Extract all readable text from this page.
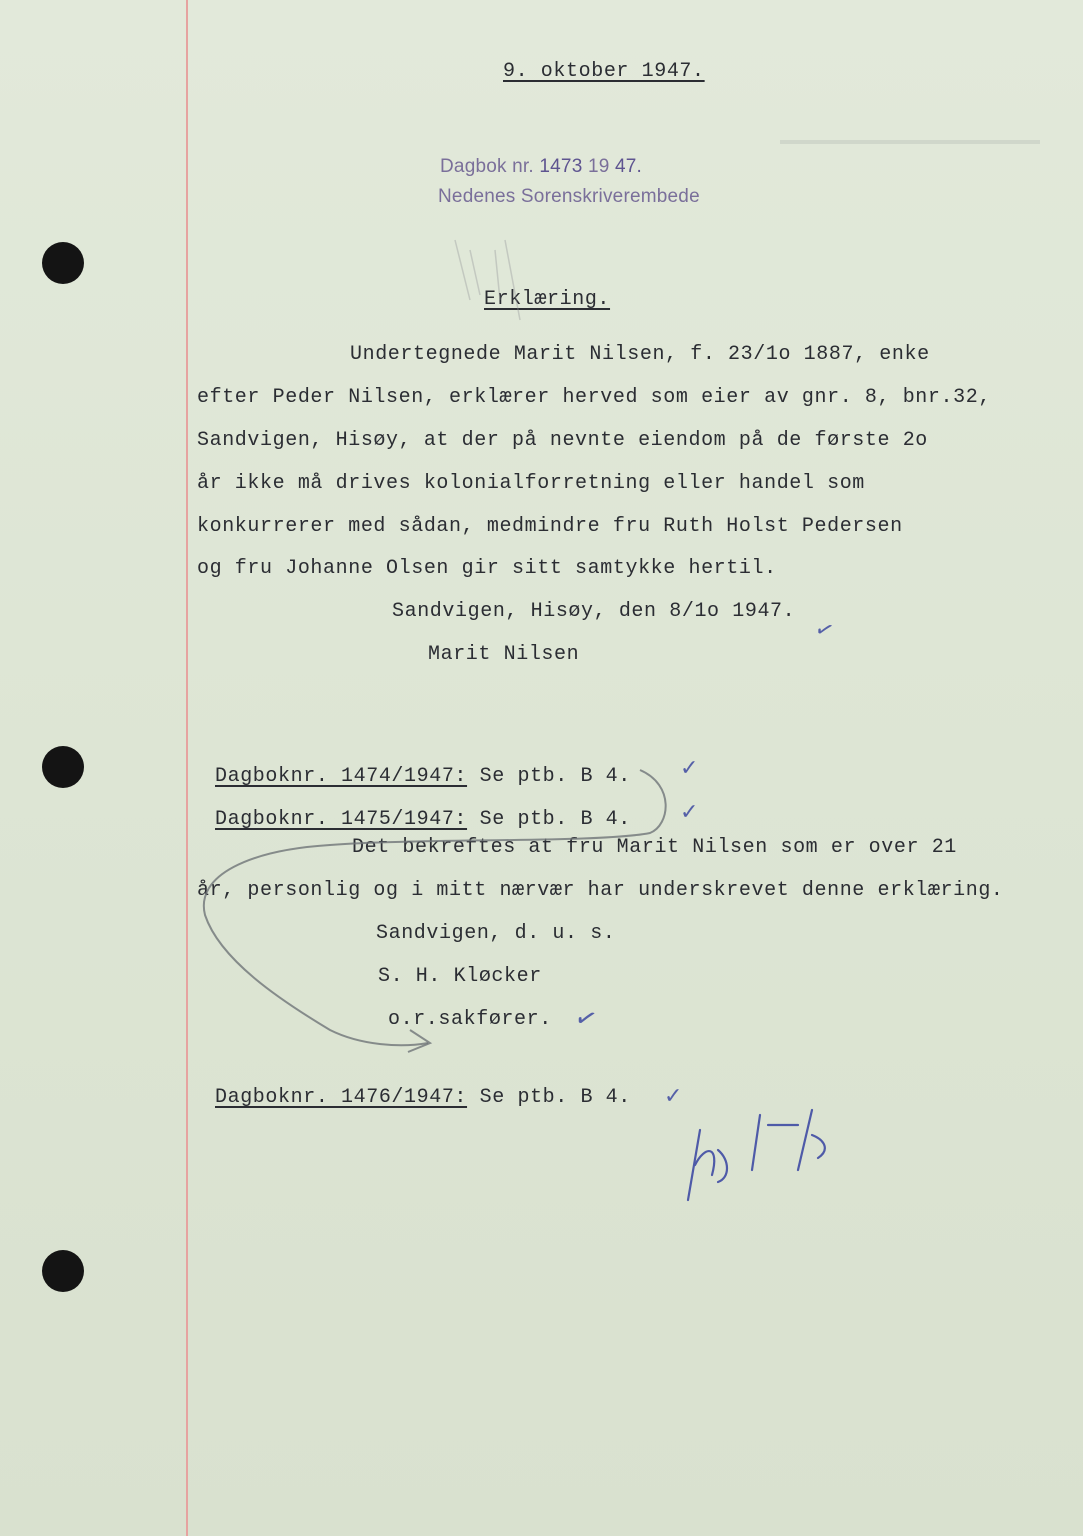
9. oktober 1947.
Dagbok nr. 1473 19 47.
Nedenes Sorenskriverembede
Erklæring.
Undertegnede Marit Nilsen, f. 23/1o 1887, enke
efter Peder Nilsen, erklærer herved som eier av gnr. 8, bnr.32,
Sandvigen, Hisøy, at der på nevnte eiendom på de første 2o
år ikke må drives kolonialforretning eller handel som
konkurrerer med sådan, medmindre fru Ruth Holst Pedersen
og fru Johanne Olsen gir sitt samtykke hertil.
Sandvigen, Hisøy, den 8/1o 1947.
✓
Marit Nilsen
Dagboknr. 1474/1947: Se ptb. B 4. ✓
Dagboknr. 1475/1947: Se ptb. B 4. ✓
Det bekreftes at fru Marit Nilsen som er over 21
år, personlig og i mitt nærvær har underskrevet denne erklæring.
Sandvigen, d. u. s.
S. H. Kløcker
o.r.sakfører. ✓
Dagboknr. 1476/1947: Se ptb. B 4. ✓
